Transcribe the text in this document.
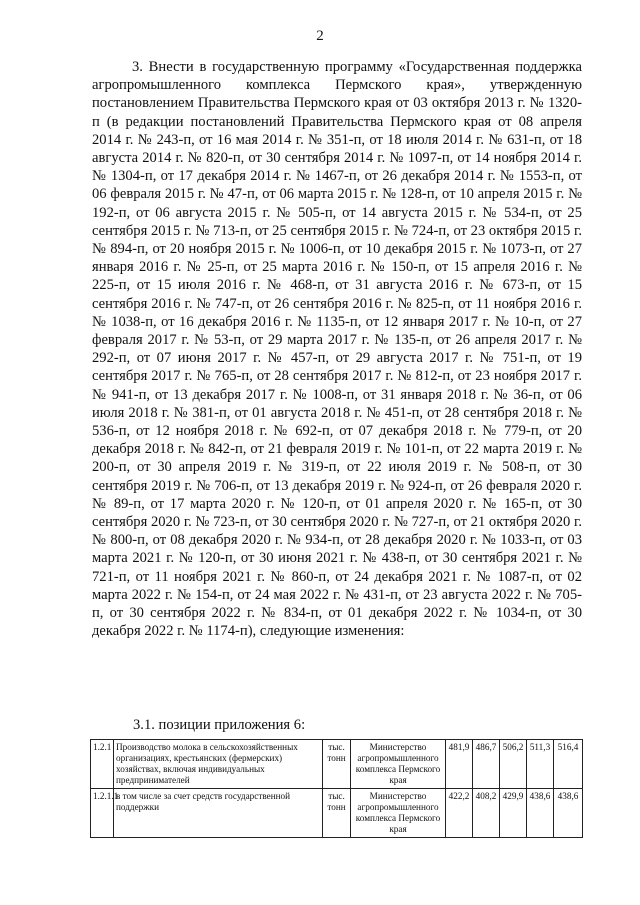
2

3. Внести в государственную программу «Государственная поддержка агропромышленного комплекса Пермского края», утвержденную постановлением Правительства Пермского края от 03 октября 2013 г. № 1320-п (в редакции постановлений Правительства Пермского края от 08 апреля 2014 г. № 243-п, от 16 мая 2014 г. № 351-п, от 18 июля 2014 г. № 631-п, от 18 августа 2014 г. № 820-п, от 30 сентября 2014 г. № 1097-п, от 14 ноября 2014 г. № 1304-п, от 17 декабря 2014 г. № 1467-п, от 26 декабря 2014 г. № 1553-п, от 06 февраля 2015 г. № 47-п, от 06 марта 2015 г. № 128-п, от 10 апреля 2015 г. № 192-п, от 06 августа 2015 г. № 505-п, от 14 августа 2015 г. № 534-п, от 25 сентября 2015 г. № 713-п, от 25 сентября 2015 г. № 724-п, от 23 октября 2015 г. № 894-п, от 20 ноября 2015 г. № 1006-п, от 10 декабря 2015 г. № 1073-п, от 27 января 2016 г. № 25-п, от 25 марта 2016 г. № 150-п, от 15 апреля 2016 г. № 225-п, от 15 июля 2016 г. № 468-п, от 31 августа 2016 г. № 673-п, от 15 сентября 2016 г. № 747-п, от 26 сентября 2016 г. № 825-п, от 11 ноября 2016 г. № 1038-п, от 16 декабря 2016 г. № 1135-п, от 12 января 2017 г. № 10-п, от 27 февраля 2017 г. № 53-п, от 29 марта 2017 г. № 135-п, от 26 апреля 2017 г. № 292-п, от 07 июня 2017 г. № 457-п, от 29 августа 2017 г. № 751-п, от 19 сентября 2017 г. № 765-п, от 28 сентября 2017 г. № 812-п, от 23 ноября 2017 г. № 941-п, от 13 декабря 2017 г. № 1008-п, от 31 января 2018 г. № 36-п, от 06 июля 2018 г. № 381-п, от 01 августа 2018 г. № 451-п, от 28 сентября 2018 г. № 536-п, от 12 ноября 2018 г. № 692-п, от 07 декабря 2018 г. № 779-п, от 20 декабря 2018 г. № 842-п, от 21 февраля 2019 г. № 101-п, от 22 марта 2019 г. № 200-п, от 30 апреля 2019 г. № 319-п, от 22 июля 2019 г. № 508-п, от 30 сентября 2019 г. № 706-п, от 13 декабря 2019 г. № 924-п, от 26 февраля 2020 г. № 89-п, от 17 марта 2020 г. № 120-п, от 01 апреля 2020 г. № 165-п, от 30 сентября 2020 г. № 723-п, от 30 сентября 2020 г. № 727-п, от 21 октября 2020 г. № 800-п, от 08 декабря 2020 г. № 934-п, от 28 декабря 2020 г. № 1033-п, от 03 марта 2021 г. № 120-п, от 30 июня 2021 г. № 438-п, от 30 сентября 2021 г. № 721-п, от 11 ноября 2021 г. № 860-п, от 24 декабря 2021 г. № 1087-п, от 02 марта 2022 г. № 154-п, от 24 мая 2022 г. № 431-п, от 23 августа 2022 г. № 705-п, от 30 сентября 2022 г. № 834-п, от 01 декабря 2022 г. № 1034-п, от 30 декабря 2022 г. № 1174-п), следующие изменения:

3.1. позиции приложения 6:
1.2.1	Производство молока в сельскохозяйственных организациях, крестьянских (фермерских) хозяйствах, включая индивидуальных предпринимателей	тыс. тонн	Министерство агропромышленного комплекса Пермского края	481,9	486,7	506,2	511,3	516,4
1.2.1.1	в том числе за счет средств государственной поддержки	тыс. тонн	Министерство агропромышленного комплекса Пермского края	422,2	408,2	429,9	438,6	438,6
